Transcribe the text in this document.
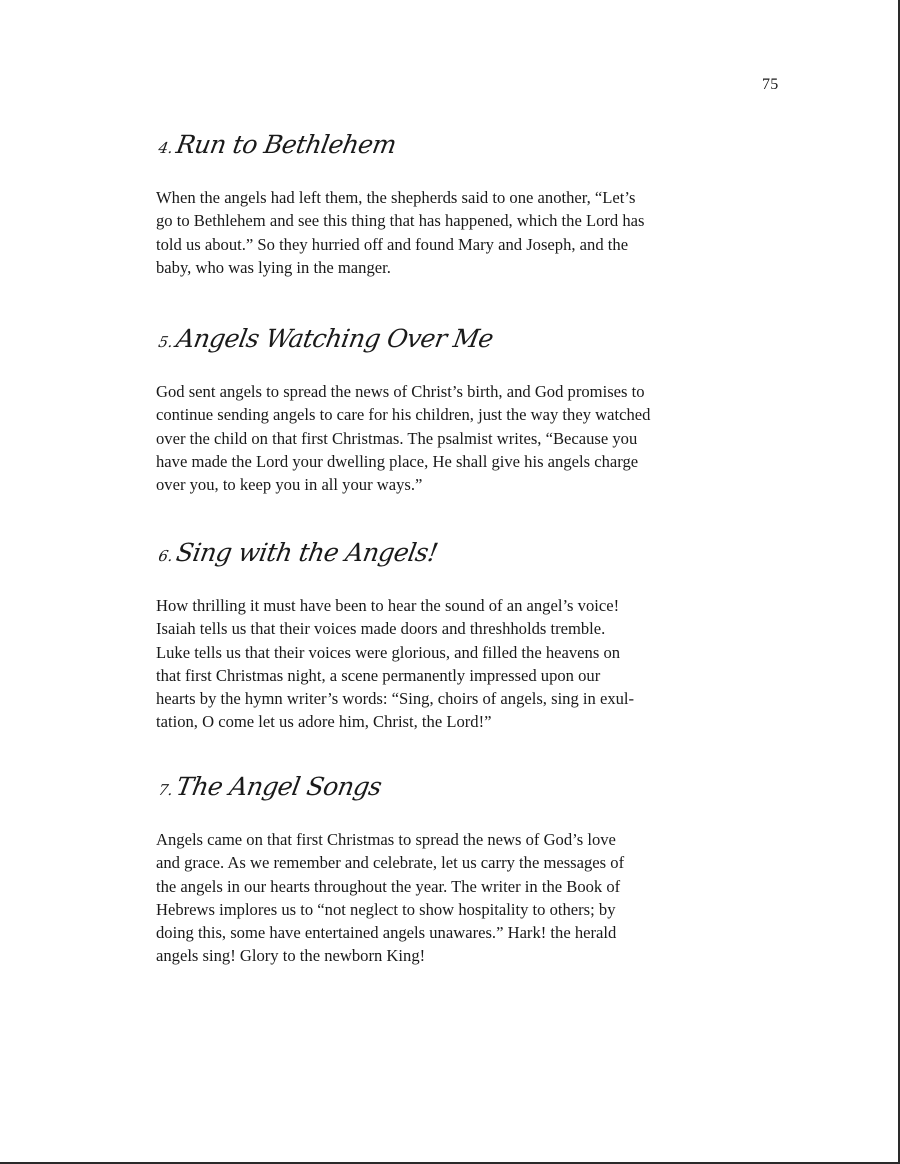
75
4.Run to Bethlehem

When the angels had left them, the shepherds said to one another, “Let’s
go to Bethlehem and see this thing that has happened, which the Lord has
told us about.” So they hurried off and found Mary and Joseph, and the
baby, who was lying in the manger.

5.Angels Watching Over Me

God sent angels to spread the news of Christ’s birth, and God promises to
continue sending angels to care for his children, just the way they watched
over the child on that first Christmas. The psalmist writes, “Because you
have made the Lord your dwelling place, He shall give his angels charge
over you, to keep you in all your ways.”

6.Sing with the Angels!

How thrilling it must have been to hear the sound of an angel’s voice!
Isaiah tells us that their voices made doors and threshholds tremble.
Luke tells us that their voices were glorious, and filled the heavens on
that first Christmas night, a scene permanently impressed upon our
hearts by the hymn writer’s words: “Sing, choirs of angels, sing in exul-
tation, O come let us adore him, Christ, the Lord!”

7.The Angel Songs

Angels came on that first Christmas to spread the news of God’s love
and grace. As we remember and celebrate, let us carry the messages of
the angels in our hearts throughout the year. The writer in the Book of
Hebrews implores us to “not neglect to show hospitality to others; by
doing this, some have entertained angels unawares.” Hark! the herald
angels sing! Glory to the newborn King!
